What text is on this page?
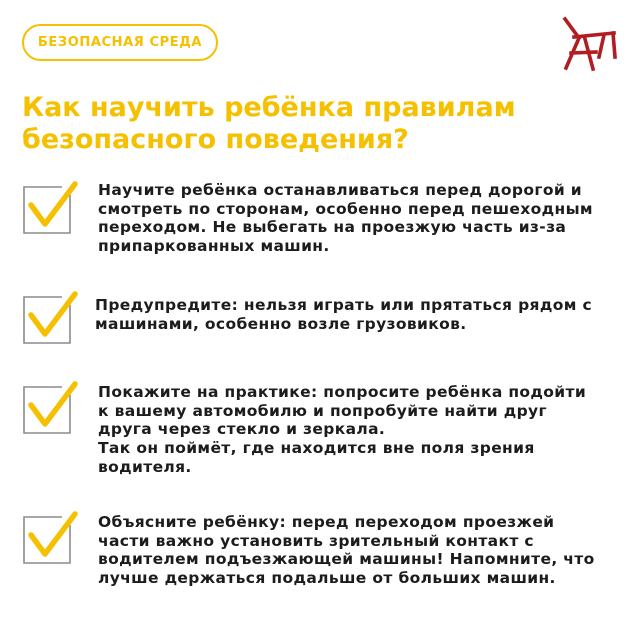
БЕЗОПАСНАЯ СРЕДА
Как научить ребёнка правилам
безопасного поведения?
Научите ребёнка останавливаться перед дорогой и
смотреть по сторонам, особенно перед пешеходным
переходом. Не выбегать на проезжую часть из-за
припаркованных машин.
Предупредите: нельзя играть или прятаться рядом с
машинами, особенно возле грузовиков.
Покажите на практике: попросите ребёнка подойти
к вашему автомобилю и попробуйте найти друг
друга через стекло и зеркала.
Так он поймёт, где находится вне поля зрения
водителя.
Объясните ребёнку: перед переходом проезжей
части важно установить зрительный контакт с
водителем подъезжающей машины! Напомните, что
лучше держаться подальше от больших машин.
